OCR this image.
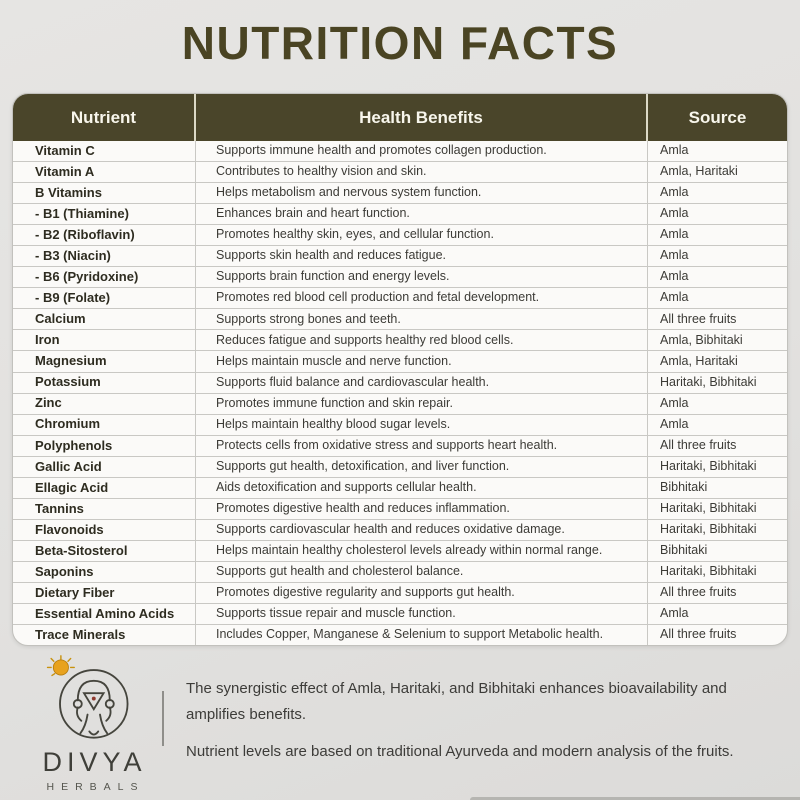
NUTRITION FACTS
Nutrient	Health Benefits	Source
Vitamin C	Supports immune health and promotes collagen production.	Amla
Vitamin A	Contributes to healthy vision and skin.	Amla, Haritaki
B Vitamins	Helps metabolism and nervous system function.	Amla
- B1 (Thiamine)	Enhances brain and heart function.	Amla
- B2 (Riboflavin)	Promotes healthy skin, eyes, and cellular function.	Amla
- B3 (Niacin)	Supports skin health and reduces fatigue.	Amla
- B6 (Pyridoxine)	Supports brain function and energy levels.	Amla
- B9 (Folate)	Promotes red blood cell production and fetal development.	Amla
Calcium	Supports strong bones and teeth.	All three fruits
Iron	Reduces fatigue and supports healthy red blood cells.	Amla, Bibhitaki
Magnesium	Helps maintain muscle and nerve function.	Amla, Haritaki
Potassium	Supports fluid balance and cardiovascular health.	Haritaki, Bibhitaki
Zinc	Promotes immune function and skin repair.	Amla
Chromium	Helps maintain healthy blood sugar levels.	Amla
Polyphenols	Protects cells from oxidative stress and supports heart health.	All three fruits
Gallic Acid	Supports gut health, detoxification, and liver function.	Haritaki, Bibhitaki
Ellagic Acid	Aids detoxification and supports cellular health.	Bibhitaki
Tannins	Promotes digestive health and reduces inflammation.	Haritaki, Bibhitaki
Flavonoids	Supports cardiovascular health and reduces oxidative damage.	Haritaki, Bibhitaki
Beta-Sitosterol	Helps maintain healthy cholesterol levels already within normal range.	Bibhitaki
Saponins	Supports gut health and cholesterol balance.	Haritaki, Bibhitaki
Dietary Fiber	Promotes digestive regularity and supports gut health.	All three fruits
Essential Amino Acids	Supports tissue repair and muscle function.	Amla
Trace Minerals	Includes Copper, Manganese & Selenium to support Metabolic health.	All three fruits
DIVYA
HERBALS

The synergistic effect of Amla, Haritaki, and Bibhitaki enhances bioavailability and amplifies benefits.

Nutrient levels are based on traditional Ayurveda and modern analysis of the fruits.
